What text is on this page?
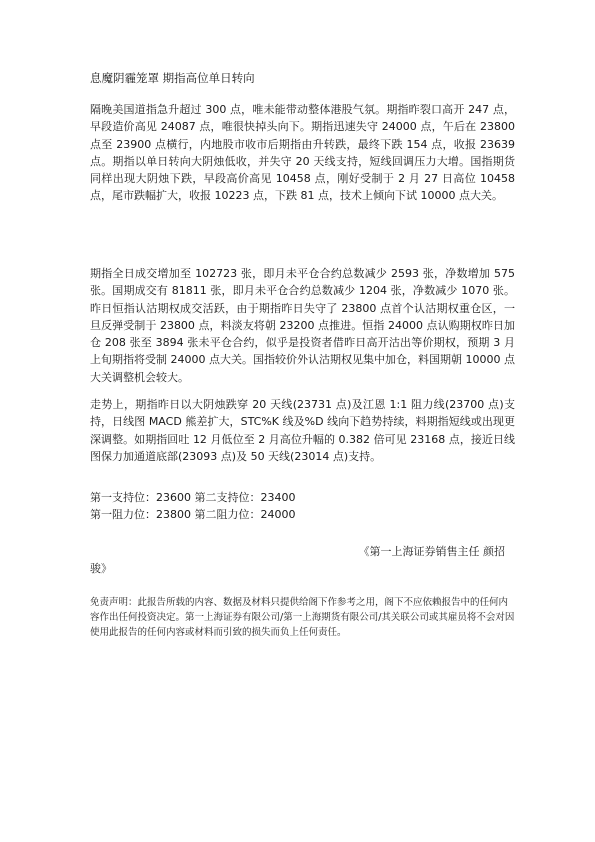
息魔阴霾笼罩 期指高位单日转向

隔晚美国道指急升超过 300 点，唯未能带动整体港股气氛。期指昨裂口高开 247 点，早段造价高见 24087 点，唯很快掉头向下。期指迅速失守 24000 点，午后在 23800 点至 23900 点横行，内地股市收市后期指由升转跌，最终下跌 154 点，收报 23639 点。期指以单日转向大阴烛低收，并失守 20 天线支持，短线回调压力大增。国指期货同样出现大阴烛下跌，早段高价高见 10458 点，刚好受制于 2 月 27 日高位 10458 点，尾市跌幅扩大，收报 10223 点，下跌 81 点，技术上倾向下试 10000 点大关。

期指全日成交增加至 102723 张，即月未平仓合约总数减少 2593 张，净数增加 575 张。国期成交有 81811 张，即月未平仓合约总数减少 1204 张，净数减少 1070 张。昨日恒指认沽期权成交活跃，由于期指昨日失守了 23800 点首个认沽期权重仓区，一旦反弹受制于 23800 点，料淡友将朝 23200 点推进。恒指 24000 点认购期权昨日加仓 208 张至 3894 张未平仓合约，似乎是投资者借昨日高开沽出等价期权，预期 3 月上旬期指将受制 24000 点大关。国指较价外认沽期权见集中加仓，料国期朝 10000 点大关调整机会较大。

走势上，期指昨日以大阴烛跌穿 20 天线(23731 点)及江恩 1:1 阻力线(23700 点)支持，日线图 MACD 熊差扩大，STC%K 线及%D 线向下趋势持续，料期指短线或出现更深调整。如期指回吐 12 月低位至 2 月高位升幅的 0.382 倍可见 23168 点，接近日线图保力加通道底部(23093 点)及 50 天线(23014 点)支持。

第一支持位：23600 第二支持位：23400
第一阻力位：23800 第二阻力位：24000
《第一上海证券销售主任 颜招
骏》
免责声明：此报告所载的内容、数据及材料只提供给阁下作参考之用，阁下不应依赖报告中的任何内容作出任何投资决定。第一上海证券有限公司/第一上海期货有限公司/其关联公司或其雇员将不会对因使用此报告的任何内容或材料而引致的损失而负上任何责任。
